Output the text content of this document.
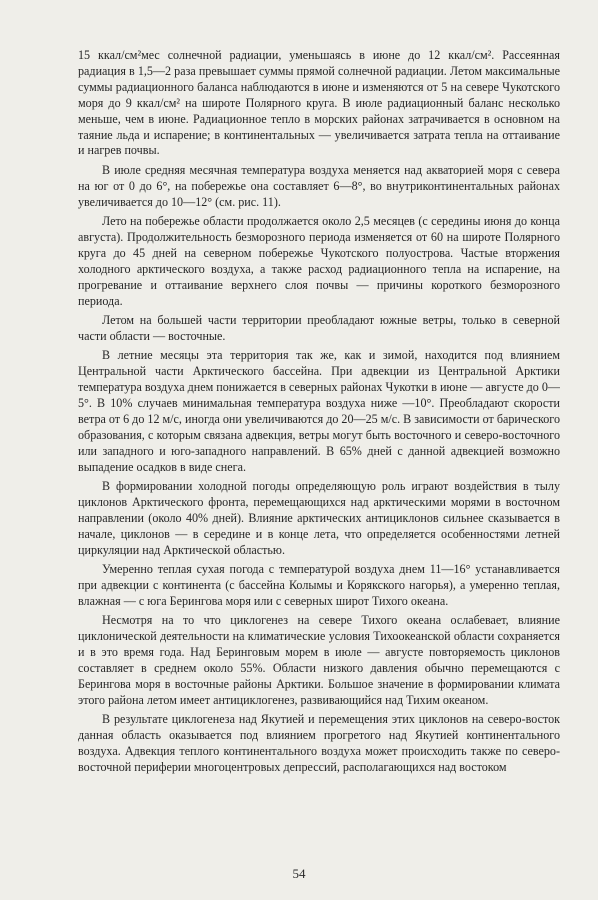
15 ккал/см²мес солнечной радиации, уменьшаясь в июне до 12 ккал/см². Рассеянная радиация в 1,5—2 раза превышает суммы прямой солнечной радиации. Летом максимальные суммы радиационного баланса наблюдаются в июне и изменяются от 5 на севере Чукотского моря до 9 ккал/см² на широте Полярного круга. В июле радиационный баланс несколько меньше, чем в июне. Радиационное тепло в морских районах затрачивается в основном на таяние льда и испарение; в континентальных — увеличивается затрата тепла на оттаивание и нагрев почвы.

В июле средняя месячная температура воздуха меняется над акваторией моря с севера на юг от 0 до 6°, на побережье она составляет 6—8°, во внутриконтинентальных районах увеличивается до 10—12° (см. рис. 11).

Лето на побережье области продолжается около 2,5 месяцев (с середины июня до конца августа). Продолжительность безморозного периода изменяется от 60 на широте Полярного круга до 45 дней на северном побережье Чукотского полуострова. Частые вторжения холодного арктического воздуха, а также расход радиационного тепла на испарение, на прогревание и оттаивание верхнего слоя почвы — причины короткого безморозного периода.

Летом на большей части территории преобладают южные ветры, только в северной части области — восточные.

В летние месяцы эта территория так же, как и зимой, находится под влиянием Центральной части Арктического бассейна. При адвекции из Центральной Арктики температура воздуха днем понижается в северных районах Чукотки в июне — августе до 0—5°. В 10% случаев минимальная температура воздуха ниже —10°. Преобладают скорости ветра от 6 до 12 м/с, иногда они увеличиваются до 20—25 м/с. В зависимости от барического образования, с которым связана адвекция, ветры могут быть восточного и северо-восточного или западного и юго-западного направлений. В 65% дней с данной адвекцией возможно выпадение осадков в виде снега.

В формировании холодной погоды определяющую роль играют воздействия в тылу циклонов Арктического фронта, перемещающихся над арктическими морями в восточном направлении (около 40% дней). Влияние арктических антициклонов сильнее сказывается в начале, циклонов — в середине и в конце лета, что определяется особенностями летней циркуляции над Арктической областью.

Умеренно теплая сухая погода с температурой воздуха днем 11—16° устанавливается при адвекции с континента (с бассейна Колымы и Корякского нагорья), а умеренно теплая, влажная — с юга Берингова моря или с северных широт Тихого океана.

Несмотря на то что циклогенез на севере Тихого океана ослабевает, влияние циклонической деятельности на климатические условия Тихоокеанской области сохраняется и в это время года. Над Беринговым морем в июле — августе повторяемость циклонов составляет в среднем около 55%. Области низкого давления обычно перемещаются с Берингова моря в восточные районы Арктики. Большое значение в формировании климата этого района летом имеет антициклогенез, развивающийся над Тихим океаном.

В результате циклогенеза над Якутией и перемещения этих циклонов на северо-восток данная область оказывается под влиянием прогретого над Якутией континентального воздуха. Адвекция теплого континентального воздуха может происходить также по северо-восточной периферии многоцентровых депрессий, располагающихся над востоком

54
